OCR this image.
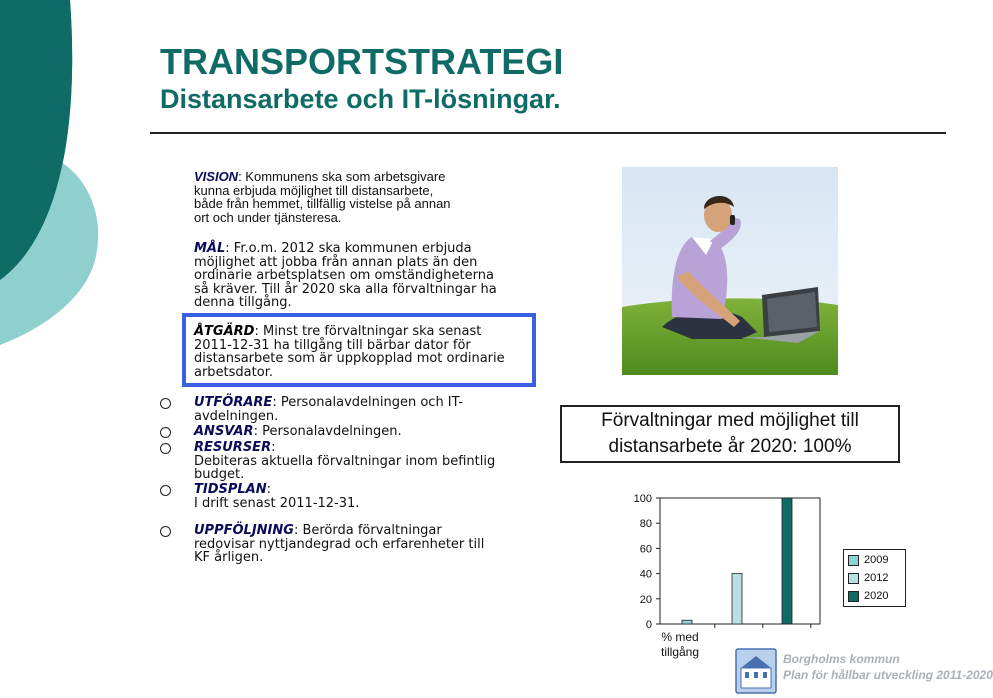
TRANSPORTSTRATEGI
Distansarbete och IT-lösningar.
VISION: Kommunens ska som arbetsgivare
kunna erbjuda möjlighet till distansarbete,
både från hemmet, tillfällig vistelse på annan
ort och under tjänsteresa.
MÅL: Fr.o.m. 2012 ska kommunen erbjuda
möjlighet att jobba från annan plats än den
ordinarie arbetsplatsen om omständigheterna
så kräver. Till år 2020 ska alla förvaltningar ha
denna tillgång.
ÅTGÄRD: Minst tre förvaltningar ska senast
2011-12-31 ha tillgång till bärbar dator för
distansarbete som är uppkopplad mot ordinarie
arbetsdator.
UTFÖRARE: Personalavdelningen och IT-
avdelningen.
ANSVAR: Personalavdelningen.
RESURSER:
Debiteras aktuella förvaltningar inom befintlig
budget.
TIDSPLAN:
I drift senast 2011-12-31.
UPPFÖLJNING: Berörda förvaltningar
redovisar nyttjandegrad och erfarenheter till
KF årligen.
Förvaltningar med möjlighet till
distansarbete år 2020: 100%
0
20
40
60
80
100
2009
2012
2020
% med
tillgång	Borgholms kommun
Plan för hållbar utveckling 2011-2020
